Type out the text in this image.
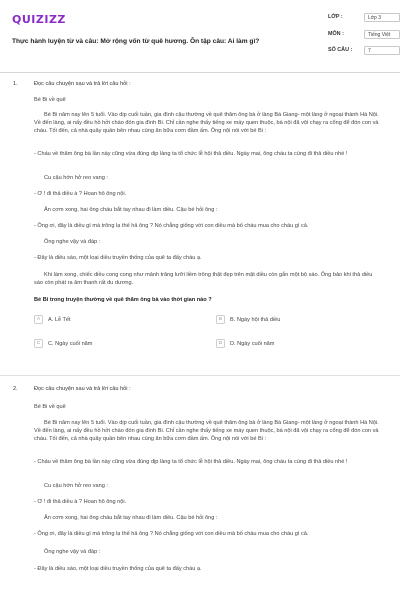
QUIZIZZ
Thực hành luyện từ và câu: Mở rộng vốn từ quê hương. Ôn tập câu: Ai làm gì?
LỚP :	Lớp 3
MÔN :	Tiếng Việt
SỐ CÂU :	7
1.	Đọc câu chuyện sau và trả lời câu hỏi :
Bé Bi về quê
Bé Bi năm nay lên 5 tuổi. Vào dịp cuối tuần, gia đình cậu thường về quê thăm ông bà ở làng Bá Giang- một làng ở ngoại thành Hà Nội. Về đến làng, ai nấy đều hồ hởi chào đón gia đình Bi. Chỉ cần nghe thấy tiếng xe máy quen thuộc, bà nội đã vội chạy ra cổng để đón con và cháu. Tối đến, cả nhà quây quần bên nhau cùng ăn bữa cơm đầm ấm. Ông nội nói với bé Bi :
- Cháu về thăm ông bà lần này cũng vừa đúng dịp làng ta tổ chức lễ hội thả diều. Ngày mai, ông cháu ta cùng đi thả diều nhé !
Cu cậu hớn hở reo vang :
- Ơ ! đi thả diều à ? Hoan hô ông nội.
Ăn cơm xong, hai ông cháu bắt tay nhau đi làm diều. Cậu bé hỏi ông :
- Ông ơi, đây là diều gì mà trông lạ thế hả ông ? Nó chẳng giống với con diều mà bố cháu mua cho cháu gì cả.
Ông nghe vậy và đáp :
- Đây là diều sáo, một loại diều truyền thống của quê ta đấy cháu ạ.
Khi làm xong, chiếc diều cong cong như mảnh trăng lưỡi liềm trông thật đẹp trên mặt diều còn gắn một bộ sáo. Ông bảo khi thả diều sáo còn phát ra âm thanh rất du dương.
Bé Bi trong truyện thường về quê thăm ông bà vào thời gian nào ?
A	A. Lễ Tết	B	B. Ngày hội thả diều
C	C. Ngày cuối năm	D	D. Ngày cuối năm
2.	Đọc câu chuyện sau và trả lời câu hỏi :
Bé Bi về quê
Bé Bi năm nay lên 5 tuổi. Vào dịp cuối tuần, gia đình cậu thường về quê thăm ông bà ở làng Bá Giang- một làng ở ngoại thành Hà Nội. Về đến làng, ai nấy đều hồ hởi chào đón gia đình Bi. Chỉ cần nghe thấy tiếng xe máy quen thuộc, bà nội đã vội chạy ra cổng để đón con và cháu. Tối đến, cả nhà quây quần bên nhau cùng ăn bữa cơm đầm ấm. Ông nội nói với bé Bi :
- Cháu về thăm ông bà lần này cũng vừa đúng dịp làng ta tổ chức lễ hội thả diều. Ngày mai, ông cháu ta cùng đi thả diều nhé !
Cu cậu hớn hở reo vang :
- Ơ ! đi thả diều à ? Hoan hô ông nội.
Ăn cơm xong, hai ông cháu bắt tay nhau đi làm diều. Cậu bé hỏi ông :
- Ông ơi, đây là diều gì mà trông lạ thế hả ông ? Nó chẳng giống với con diều mà bố cháu mua cho cháu gì cả.
Ông nghe vậy và đáp :
- Đây là diều sáo, một loại diều truyền thống của quê ta đấy cháu ạ.
